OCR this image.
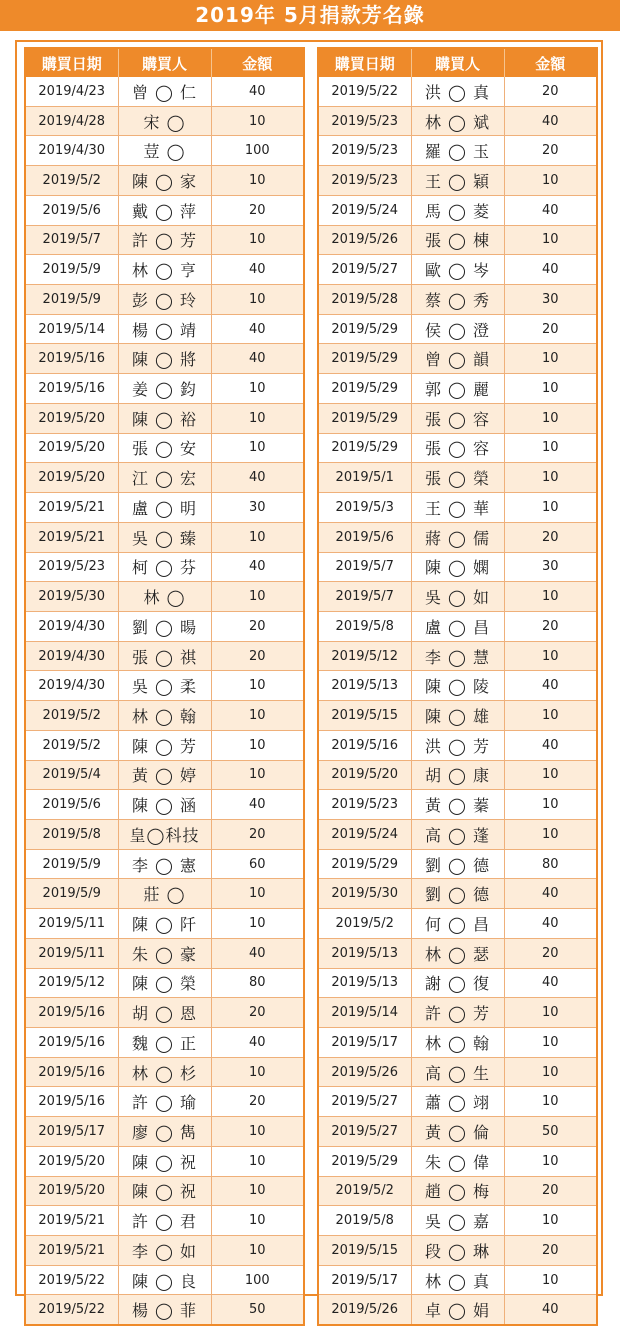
2019年 5月捐款芳名錄
購買日期	購買人	金額
2019/4/23	曾 ◯ 仁	40
2019/4/28	宋 ◯	10
2019/4/30	荳 ◯	100
2019/5/2	陳 ◯ 家	10
2019/5/6	戴 ◯ 萍	20
2019/5/7	許 ◯ 芳	10
2019/5/9	林 ◯ 亨	40
2019/5/9	彭 ◯ 玲	10
2019/5/14	楊 ◯ 靖	40
2019/5/16	陳 ◯ 將	40
2019/5/16	姜 ◯ 鈞	10
2019/5/20	陳 ◯ 裕	10
2019/5/20	張 ◯ 安	10
2019/5/20	江 ◯ 宏	40
2019/5/21	盧 ◯ 明	30
2019/5/21	吳 ◯ 臻	10
2019/5/23	柯 ◯ 芬	40
2019/5/30	林 ◯	10
2019/4/30	劉 ◯ 暘	20
2019/4/30	張 ◯ 祺	20
2019/4/30	吳 ◯ 柔	10
2019/5/2	林 ◯ 翰	10
2019/5/2	陳 ◯ 芳	10
2019/5/4	黃 ◯ 婷	10
2019/5/6	陳 ◯ 涵	40
2019/5/8	皇◯科技	20
2019/5/9	李 ◯ 憲	60
2019/5/9	莊 ◯	10
2019/5/11	陳 ◯ 阡	10
2019/5/11	朱 ◯ 豪	40
2019/5/12	陳 ◯ 榮	80
2019/5/16	胡 ◯ 恩	20
2019/5/16	魏 ◯ 正	40
2019/5/16	林 ◯ 杉	10
2019/5/16	許 ◯ 瑜	20
2019/5/17	廖 ◯ 雋	10
2019/5/20	陳 ◯ 祝	10
2019/5/20	陳 ◯ 祝	10
2019/5/21	許 ◯ 君	10
2019/5/21	李 ◯ 如	10
2019/5/22	陳 ◯ 良	100
2019/5/22	楊 ◯ 菲	50
購買日期	購買人	金額
2019/5/22	洪 ◯ 真	20
2019/5/23	林 ◯ 斌	40
2019/5/23	羅 ◯ 玉	20
2019/5/23	王 ◯ 穎	10
2019/5/24	馬 ◯ 菱	40
2019/5/26	張 ◯ 棟	10
2019/5/27	歐 ◯ 岑	40
2019/5/28	蔡 ◯ 秀	30
2019/5/29	侯 ◯ 澄	20
2019/5/29	曾 ◯ 韻	10
2019/5/29	郭 ◯ 麗	10
2019/5/29	張 ◯ 容	10
2019/5/29	張 ◯ 容	10
2019/5/1	張 ◯ 榮	10
2019/5/3	王 ◯ 華	10
2019/5/6	蔣 ◯ 儒	20
2019/5/7	陳 ◯ 嫻	30
2019/5/7	吳 ◯ 如	10
2019/5/8	盧 ◯ 昌	20
2019/5/12	李 ◯ 慧	10
2019/5/13	陳 ◯ 陵	40
2019/5/15	陳 ◯ 雄	10
2019/5/16	洪 ◯ 芳	40
2019/5/20	胡 ◯ 康	10
2019/5/23	黃 ◯ 蓁	10
2019/5/24	高 ◯ 蓬	10
2019/5/29	劉 ◯ 德	80
2019/5/30	劉 ◯ 德	40
2019/5/2	何 ◯ 昌	40
2019/5/13	林 ◯ 瑟	20
2019/5/13	謝 ◯ 復	40
2019/5/14	許 ◯ 芳	10
2019/5/17	林 ◯ 翰	10
2019/5/26	高 ◯ 生	10
2019/5/27	蕭 ◯ 翊	10
2019/5/27	黃 ◯ 倫	50
2019/5/29	朱 ◯ 偉	10
2019/5/2	趙 ◯ 梅	20
2019/5/8	吳 ◯ 嘉	10
2019/5/15	段 ◯ 琳	20
2019/5/17	林 ◯ 真	10
2019/5/26	卓 ◯ 娟	40
